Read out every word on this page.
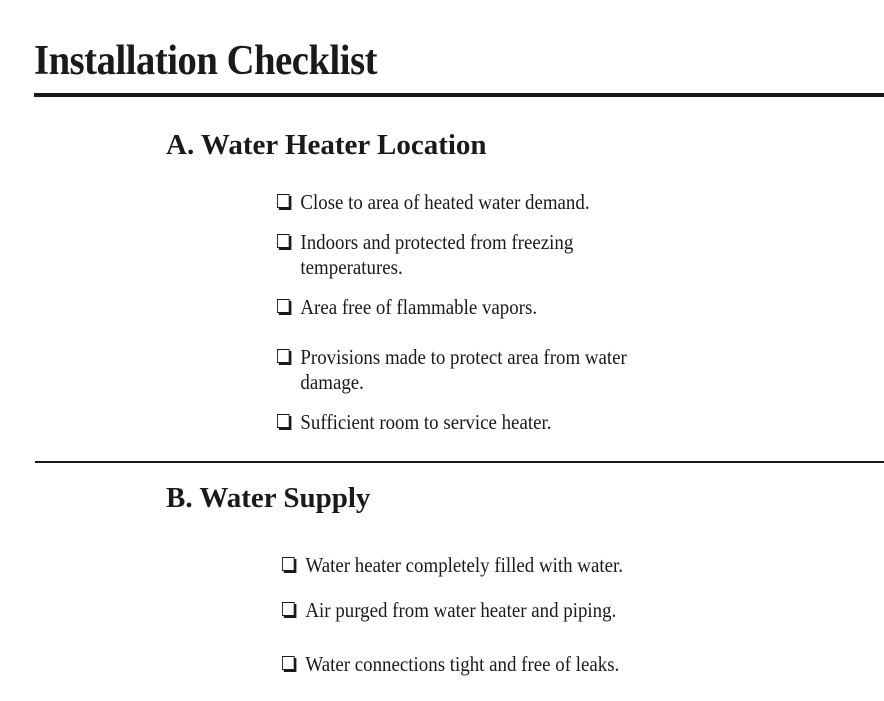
Installation Checklist
A. Water Heater Location
Close to area of heated water demand.
Indoors and protected from freezing temperatures.
Area free of flammable vapors.
Provisions made to protect area from water damage.
Sufficient room to service heater.
B. Water Supply
Water heater completely filled with water.
Air purged from water heater and piping.
Water connections tight and free of leaks.
